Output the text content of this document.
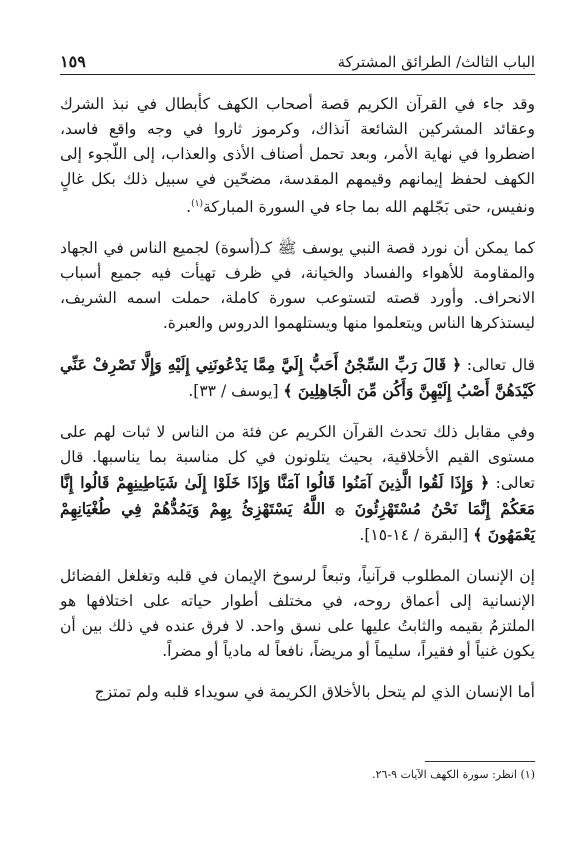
١٥٩	الباب الثالث/ الطرائق المشتركة

وقد جاء في القرآن الكريم قصة أصحاب الكهف كأبطال في نبذ الشرك وعقائد المشركين الشائعة آنذاك، وكرموز ثاروا في وجه واقع فاسد، اضطروا في نهاية الأمر، وبعد تحمل أصناف الأذى والعذاب، إلى اللّجوء إلى الكهف لحفظ إيمانهم وقيمهم المقدسة، مضحّين في سبيل ذلك بكل غالٍ ونفيس، حتى بَجّلهم الله بما جاء في السورة المباركة$^{(١)}$.

كما يمكن أن نورد قصة النبي يوسف ﷺ كـ(أسوة) لجميع الناس في الجهاد والمقاومة للأهواء والفساد والخيانة، في ظرف تهيأت فيه جميع أسباب الانحراف. وأورد قصته لتستوعب سورة كاملة، حملت اسمه الشريف، ليستذكرها الناس ويتعلموا منها ويستلهموا الدروس والعبرة.

قال تعالى: ﴿ قَالَ رَبِّ السِّجْنُ أَحَبُّ إِلَيَّ مِمَّا يَدْعُونَنِي إِلَيْهِ وَإِلَّا تَصْرِفْ عَنِّي كَيْدَهُنَّ أَصْبُ إِلَيْهِنَّ وَأَكُن مِّنَ الْجَاهِلِينَ ﴾ [يوسف / ٣٣].

وفي مقابل ذلك تحدث القرآن الكريم عن فئة من الناس لا ثبات لهم على مستوى القيم الأخلاقية، بحيث يتلونون في كل مناسبة بما يناسبها. قال تعالى: ﴿ وَإِذَا لَقُوا الَّذِينَ آمَنُوا قَالُوا آمَنَّا وَإِذَا خَلَوْا إِلَىٰ شَيَاطِينِهِمْ قَالُوا إِنَّا مَعَكُمْ إِنَّمَا نَحْنُ مُسْتَهْزِئُونَ ۞ اللَّهُ يَسْتَهْزِئُ بِهِمْ وَيَمُدُّهُمْ فِي طُغْيَانِهِمْ يَعْمَهُونَ ﴾ [البقرة / ١٤-١٥].

إن الإنسان المطلوب قرآنياً، وتبعاً لرسوخ الإيمان في قلبه وتغلغل الفضائل الإنسانية إلى أعماق روحه، في مختلف أطوار حياته على اختلافها هو الملتزمُ بقيمه والثابتُ عليها على نسق واحد. لا فرق عنده في ذلك بين أن يكون غنياً أو فقيراً، سليماً أو مريضاً، نافعاً له مادياً أو مضراً.

أما الإنسان الذي لم يتحل بالأخلاق الكريمة في سويداء قلبه ولم تمتزج

(١) انظر: سورة الكهف الآيات ٩-٢٦.
